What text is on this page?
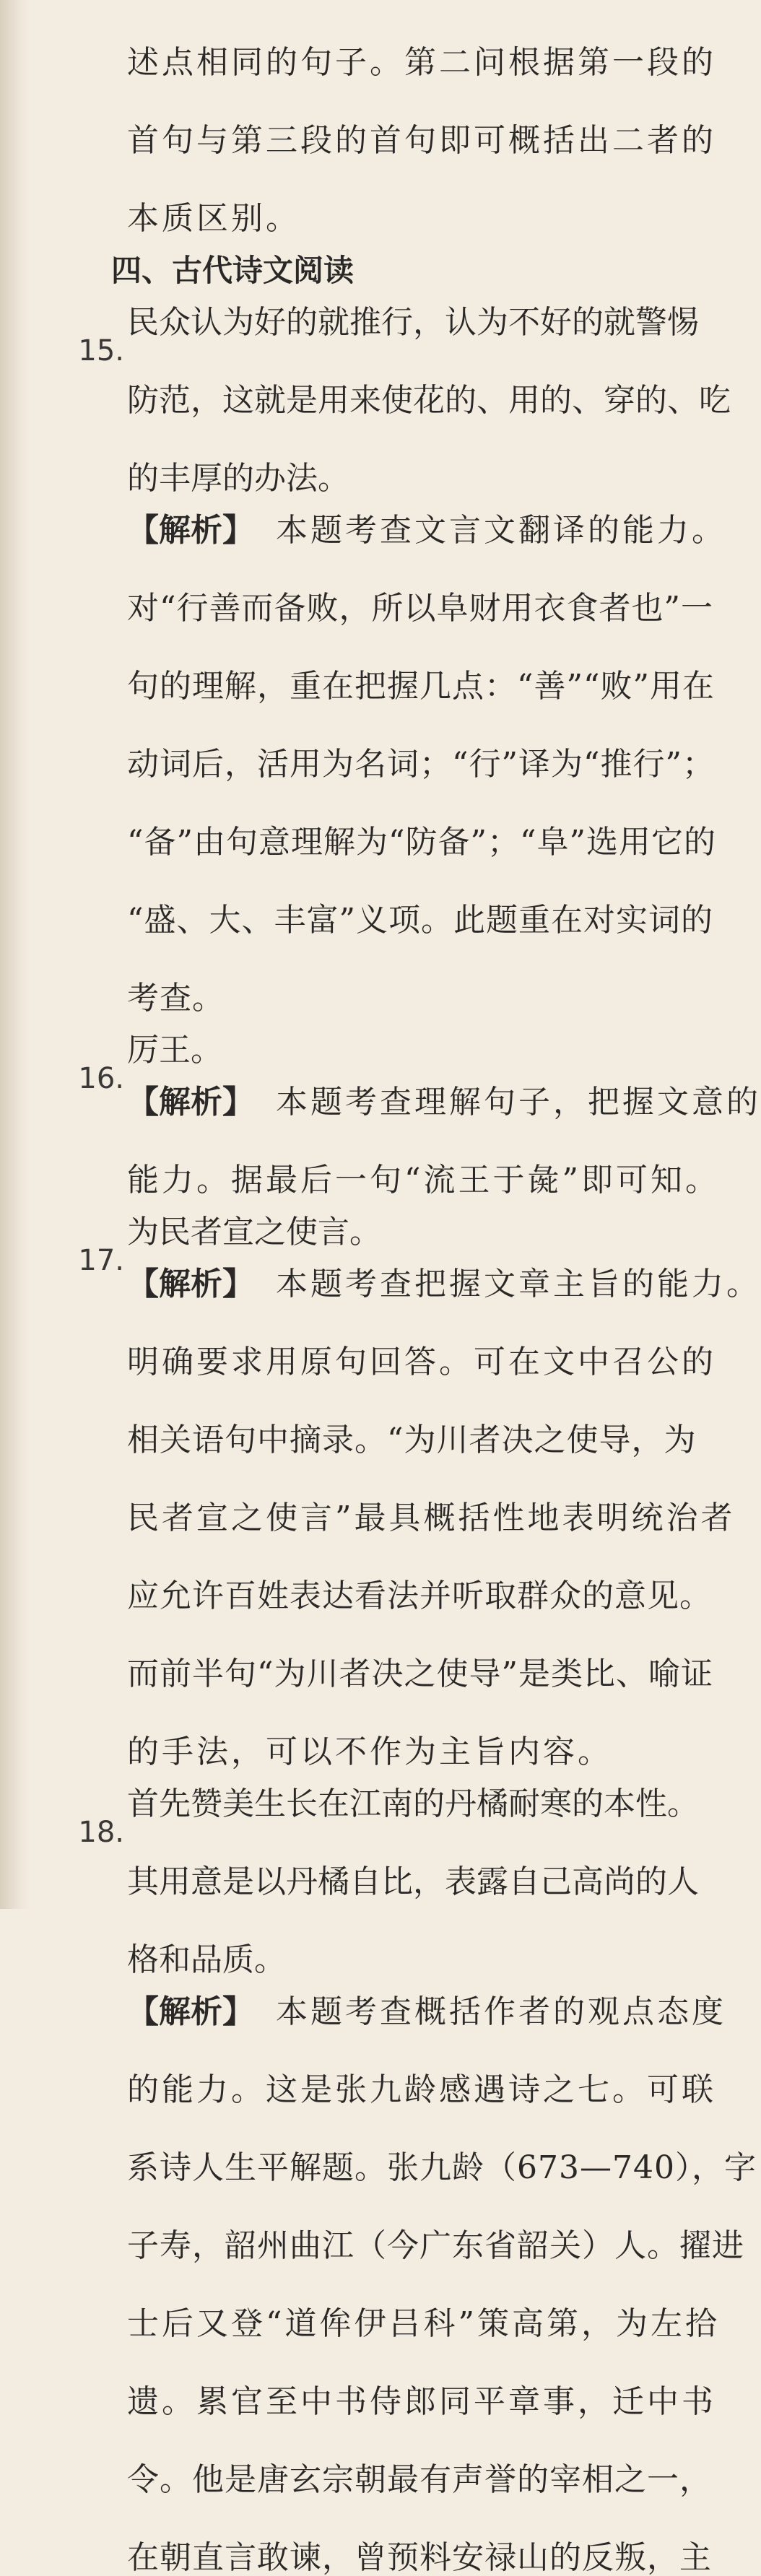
述点相同的句子。第二问根据第一段的
首句与第三段的首句即可概括出二者的
本质区别。
四、古代诗文阅读
15.
民众认为好的就推行，认为不好的就警惕
防范，这就是用来使花的、用的、穿的、吃
的丰厚的办法。
【解析】 本题考查文言文翻译的能力。
对“行善而备败，所以阜财用衣食者也”一
句的理解，重在把握几点：“善”“败”用在
动词后，活用为名词；“行”译为“推行”；
“备”由句意理解为“防备”；“阜”选用它的
“盛、大、丰富”义项。此题重在对实词的
考查。
16.
厉王。
【解析】 本题考查理解句子，把握文意的
能力。据最后一句“流王于彘”即可知。
17.
为民者宣之使言。
【解析】 本题考查把握文章主旨的能力。
明确要求用原句回答。可在文中召公的
相关语句中摘录。“为川者决之使导，为
民者宣之使言”最具概括性地表明统治者
应允许百姓表达看法并听取群众的意见。
而前半句“为川者决之使导”是类比、喻证
的手法，可以不作为主旨内容。
18.
首先赞美生长在江南的丹橘耐寒的本性。
其用意是以丹橘自比，表露自己高尚的人
格和品质。
【解析】 本题考查概括作者的观点态度
的能力。这是张九龄感遇诗之七。可联
系诗人生平解题。张九龄（673—740），字
子寿，韶州曲江（今广东省韶关）人。擢进
士后又登“道侔伊吕科”策高第，为左拾
遗。累官至中书侍郎同平章事，迁中书
令。他是唐玄宗朝最有声誉的宰相之一，
在朝直言敢谏，曾预料安禄山的反叛，主
